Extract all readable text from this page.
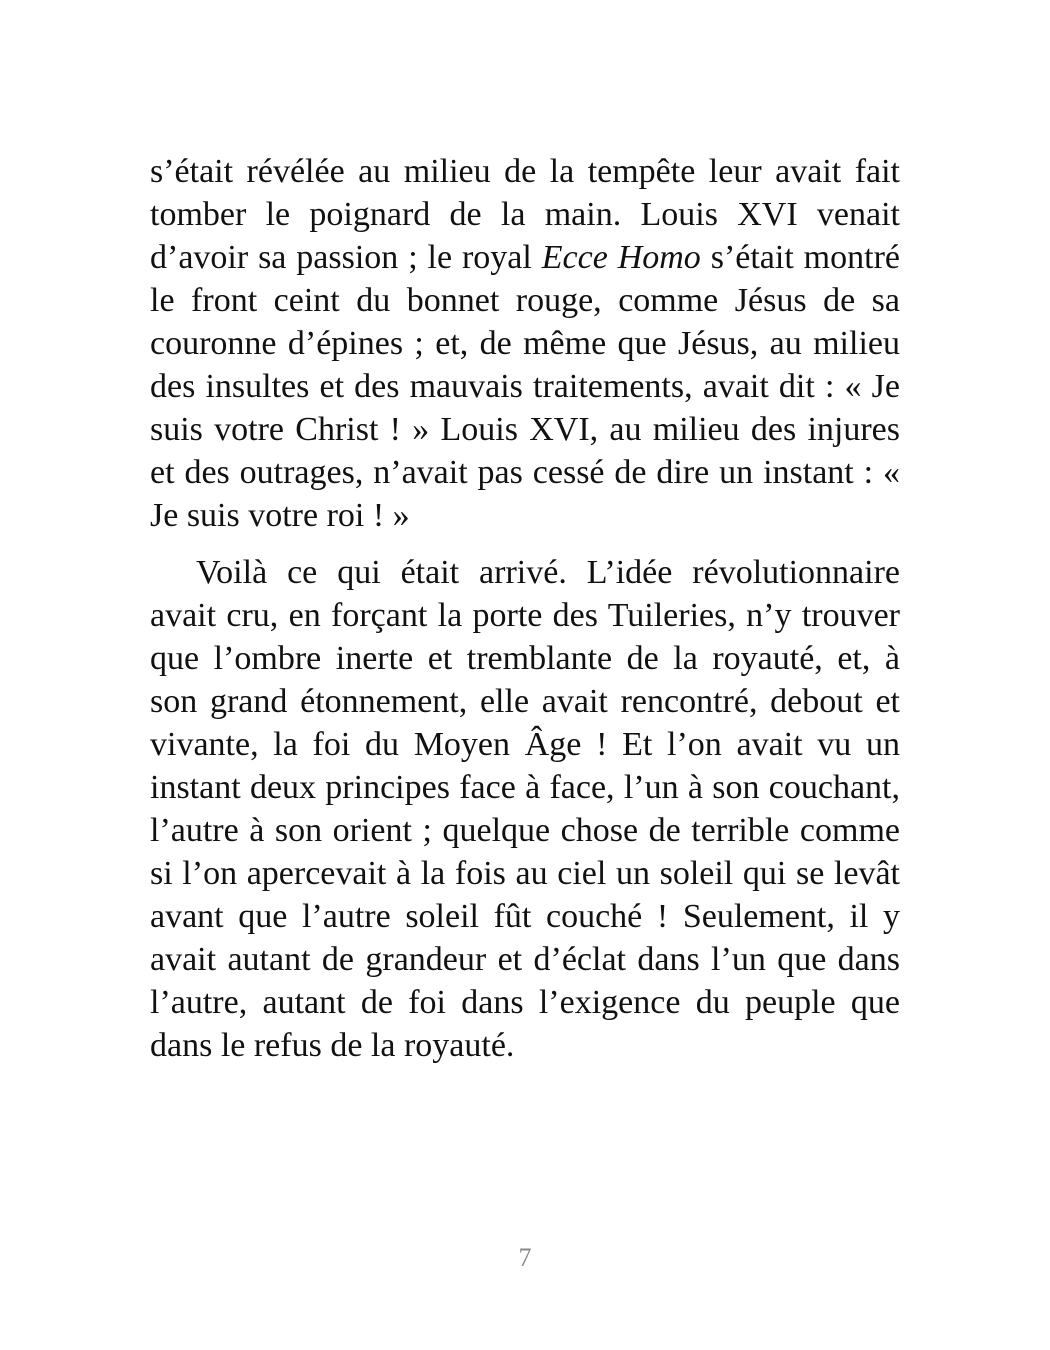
s’était révélée au milieu de la tempête leur avait fait tomber le poignard de la main. Louis XVI venait d’avoir sa passion ; le royal Ecce Homo s’était montré le front ceint du bonnet rouge, comme Jésus de sa couronne d’épines ; et, de même que Jésus, au milieu des insultes et des mauvais traitements, avait dit : « Je suis votre Christ ! » Louis XVI, au milieu des injures et des outrages, n’avait pas cessé de dire un instant : « Je suis votre roi ! »

Voilà ce qui était arrivé. L’idée révolutionnaire avait cru, en forçant la porte des Tuileries, n’y trouver que l’ombre inerte et tremblante de la royauté, et, à son grand étonnement, elle avait rencontré, debout et vivante, la foi du Moyen Âge ! Et l’on avait vu un instant deux principes face à face, l’un à son couchant, l’autre à son orient ; quelque chose de terrible comme si l’on apercevait à la fois au ciel un soleil qui se levât avant que l’autre soleil fût couché ! Seulement, il y avait autant de grandeur et d’éclat dans l’un que dans l’autre, autant de foi dans l’exigence du peuple que dans le refus de la royauté.

7
